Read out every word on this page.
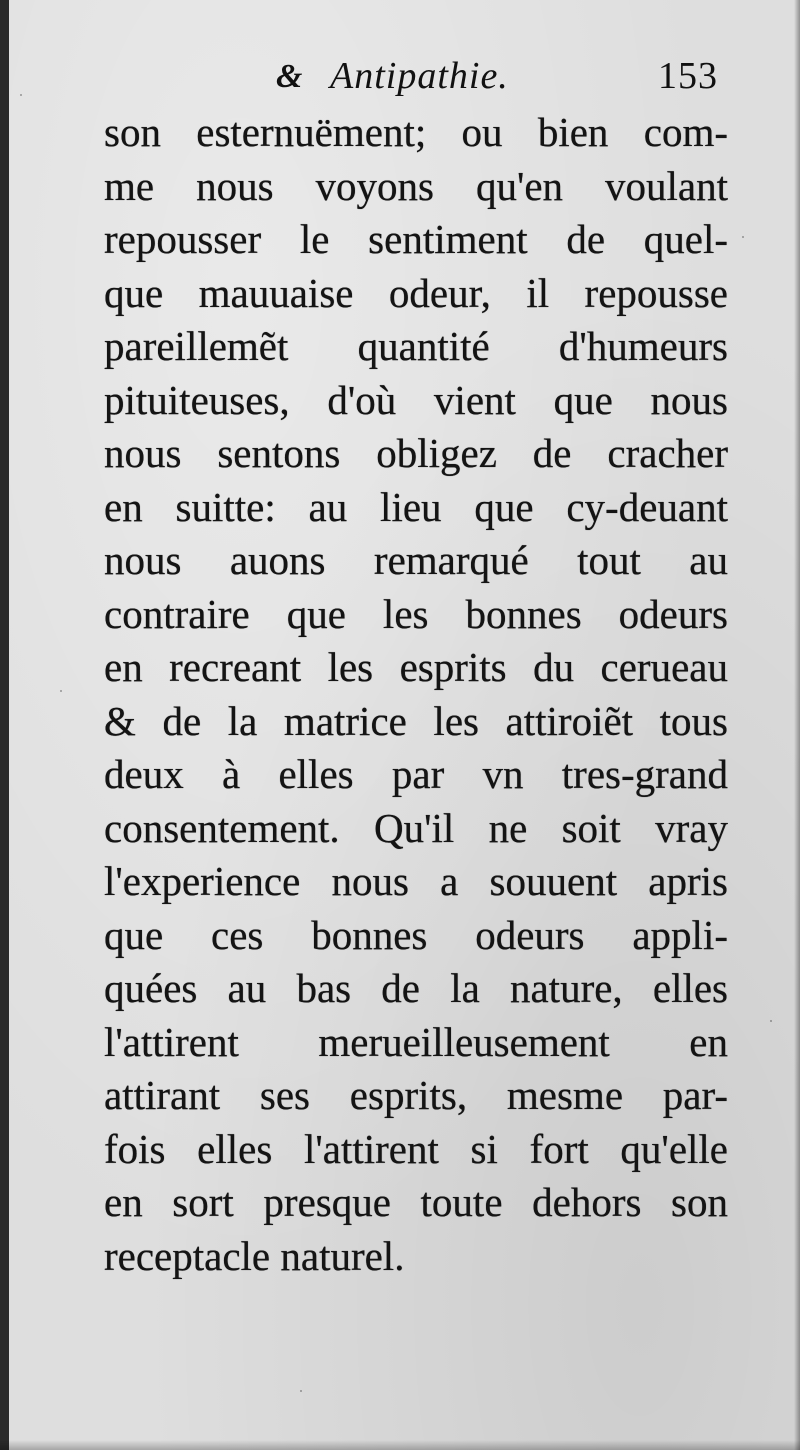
& Antipathie.	153
son esternuëment; ou bien com-
me nous voyons qu'en voulant
repousser le sentiment de quel-
que mauuaise odeur, il repousse
pareillemẽt quantité d'humeurs
pituiteuses, d'où vient que nous
nous sentons obligez de cracher
en suitte: au lieu que cy-deuant
nous auons remarqué tout au
contraire que les bonnes odeurs
en recreant les esprits du cerueau
& de la matrice les attiroiẽt tous
deux à elles par vn tres-grand
consentement. Qu'il ne soit vray
l'experience nous a souuent apris
que ces bonnes odeurs appli-
quées au bas de la nature, elles
l'attirent merueilleusement en
attirant ses esprits, mesme par-
fois elles l'attirent si fort qu'elle
en sort presque toute dehors son
receptacle naturel.
